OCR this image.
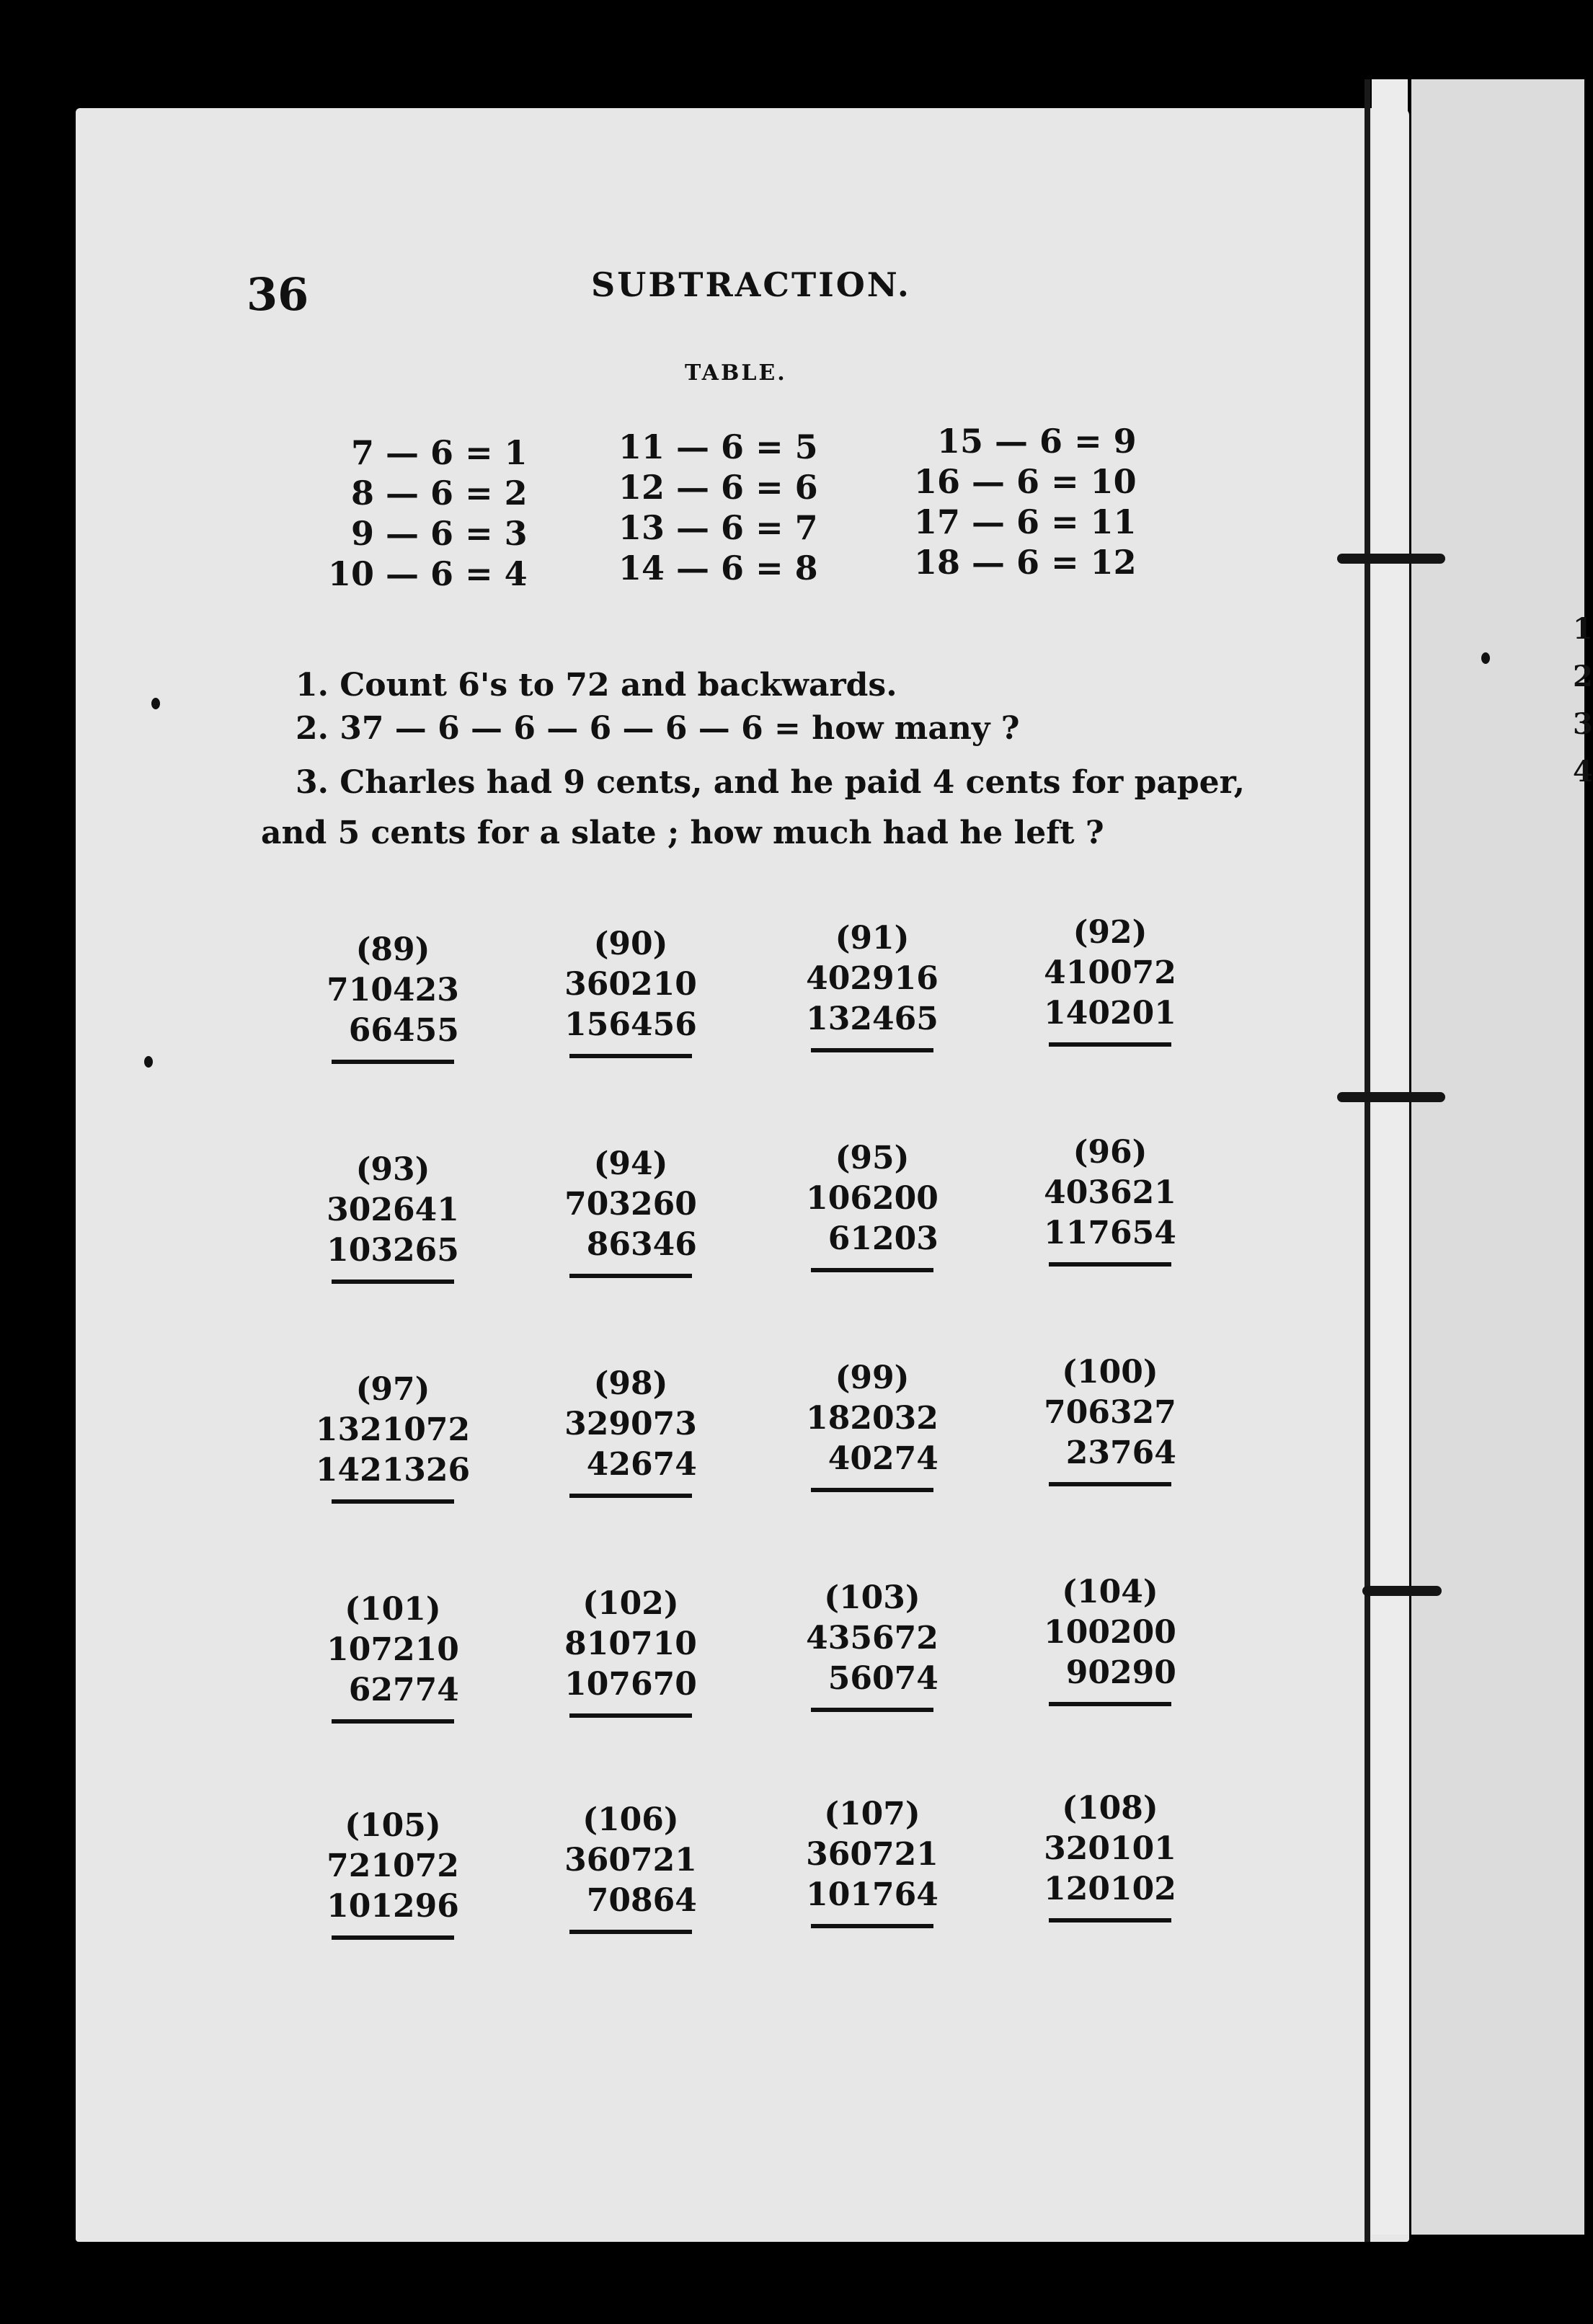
1
2
3
4
36	SUBTRACTION.
TABLE.
7 — 6 = 1
8 — 6 = 2
9 — 6 = 3
10 — 6 = 4
11 — 6 = 5
12 — 6 = 6
13 — 6 = 7
14 — 6 = 8
15 — 6 = 9
16 — 6 = 10
17 — 6 = 11
18 — 6 = 12
1. Count 6's to 72 and backwards.
2. 37 — 6 — 6 — 6 — 6 — 6 = how many ?
3. Charles had 9 cents, and he paid 4 cents for paper,
and 5 cents for a slate ; how much had he left ?
(89)
710423
66455
(90)
360210
156456
(91)
402916
132465
(92)
410072
140201
(93)
302641
103265
(94)
703260
86346
(95)
106200
61203
(96)
403621
117654
(97)
1321072
1421326
(98)
329073
42674
(99)
182032
40274
(100)
706327
23764
(101)
107210
62774
(102)
810710
107670
(103)
435672
56074
(104)
100200
90290
(105)
721072
101296
(106)
360721
70864
(107)
360721
101764
(108)
320101
120102
